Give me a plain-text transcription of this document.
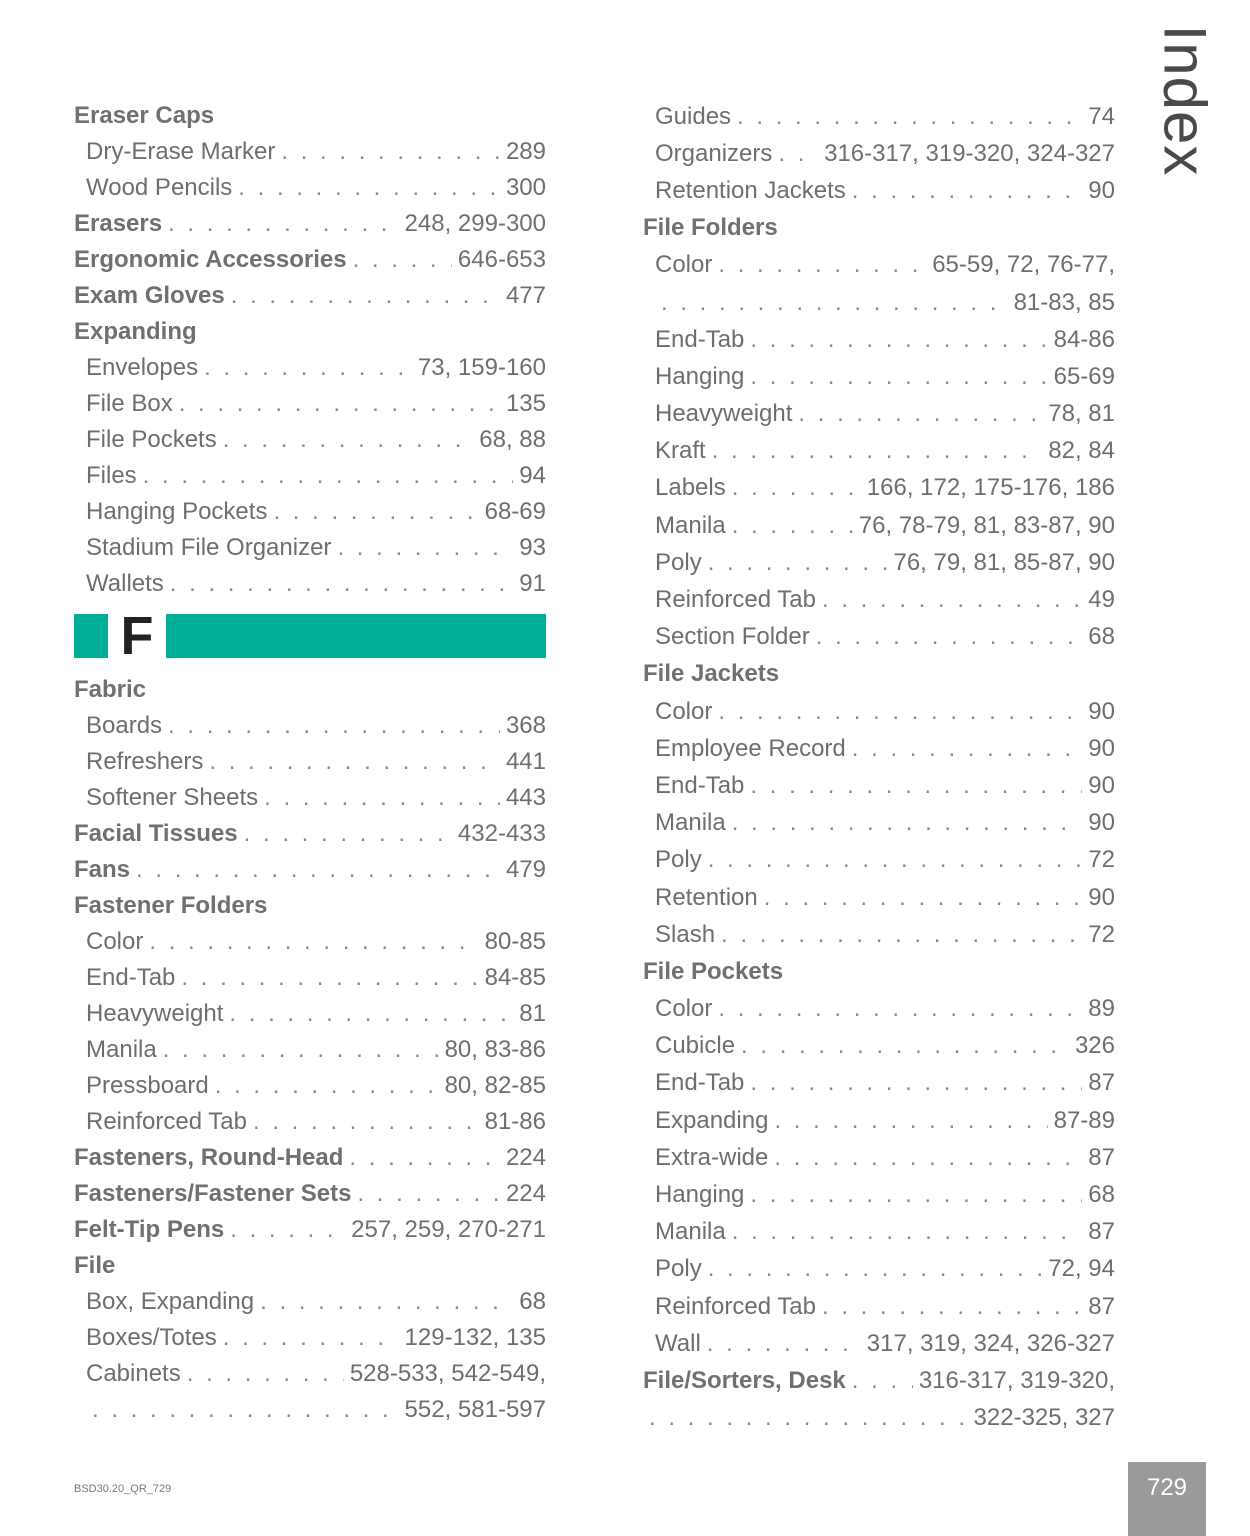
Index
Eraser Caps
Dry-Erase Marker . . .	289
Wood Pencils . . .	300
Erasers . . .	248, 299-300
Ergonomic Accessories . . .	646-653
Exam Gloves . . .	477
Expanding
Envelopes . . .	73, 159-160
File Box . . .	135
File Pockets . . .	68, 88
Files . . .	94
Hanging Pockets . . .	68-69
Stadium File Organizer . . .	93
Wallets . . .	91
F
Fabric
Boards . . .	368
Refreshers . . .	441
Softener Sheets . . .	443
Facial Tissues . . .	432-433
Fans . . .	479
Fastener Folders
Color . . .	80-85
End-Tab . . .	84-85
Heavyweight . . .	81
Manila . . .	80, 83-86
Pressboard . . .	80, 82-85
Reinforced Tab . . .	81-86
Fasteners, Round-Head . . .	224
Fasteners/Fastener Sets . . .	224
Felt-Tip Pens . . .	257, 259, 270-271
File
Box, Expanding . . .	68
Boxes/Totes . . .	129-132, 135
Cabinets . . .	528-533, 542-549,
. . .
552, 581-597
Guides . . .	74
Organizers . . . 316-317, 319-320, 324-327
Retention Jackets . . .	90
File Folders
Color . . .	65-59, 72, 76-77,
. . .
81-83, 85
End-Tab . . .	84-86
Hanging . . .	65-69
Heavyweight . . .	78, 81
Kraft . . .	82, 84
Labels . . .	166, 172, 175-176, 186
Manila . . .	76, 78-79, 81, 83-87, 90
Poly . . .	76, 79, 81, 85-87, 90
Reinforced Tab . . .	49
Section Folder . . .	68
File Jackets
Color . . .	90
Employee Record . . .	90
End-Tab . . .	90
Manila . . .	90
Poly . . .	72
Retention . . .	90
Slash . . .	72
File Pockets
Color . . .	89
Cubicle . . .	326
End-Tab . . .	87
Expanding . . .	87-89
Extra-wide . . .	87
Hanging . . .	68
Manila . . .	87
Poly . . .	72, 94
Reinforced Tab . . .	87
Wall . . .	317, 319, 324, 326-327
File/Sorters, Desk . . .	316-317, 319-320,
. . .
322-325, 327
BSD30.20_QR_729	729
